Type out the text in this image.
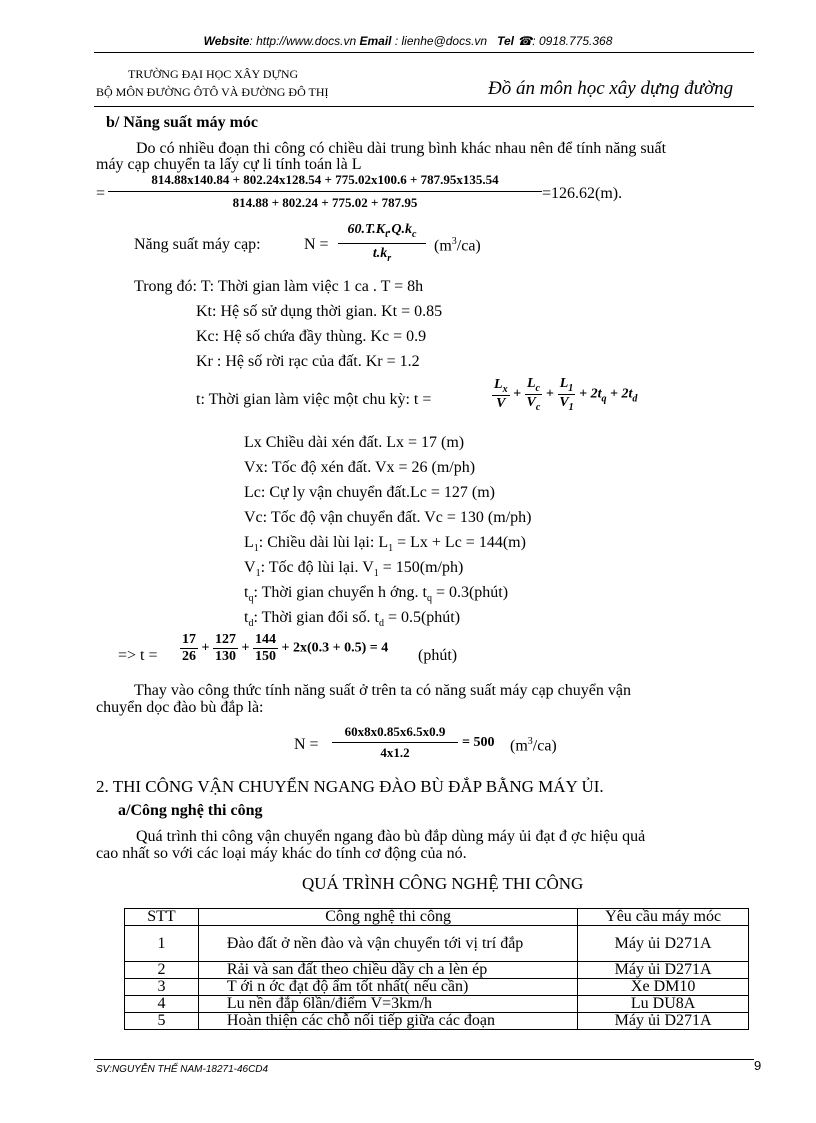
Website: http://www.docs.vn Email : lienhe@docs.vn Tel ☎: 0918.775.368
TRƯỜNG ĐẠI HỌC XÂY DỰNG
BỘ MÔN ĐƯỜNG ÔTÔ VÀ ĐƯỜNG ĐÔ THỊ	Đồ án môn học xây dựng đường
b/ Năng suất máy móc
Do có nhiều đoạn thi công có chiều dài trung bình khác nhau nên để tính năng suất
máy cạp chuyển ta lấy cự li tính toán là L
=
814.88x140.84 + 802.24x128.54 + 775.02x100.6 + 787.95x135.54
814.88 + 802.24 + 775.02 + 787.95
=126.62(m).
Năng suất máy cạp:	N =
$60.T.K_t.Q.k_c$
$t.k_r$
$(m^3/ca)$
Trong đó: T: Thời gian làm việc 1 ca . T = 8h
Kt: Hệ số sử dụng thời gian. Kt = 0.85
Kc: Hệ số chứa đầy thùng. Kc = 0.9
Kr : Hệ số rời rạc của đất. Kr = 1.2
t: Thời gian làm việc một chu kỳ: t =	$\frac{L_x}{V} + \frac{L_c}{V_c} + \frac{L_1}{V_1} + 2t_q + 2t_d$
Lx Chiều dài xén đất. Lx = 17 (m)
Vx: Tốc độ xén đất. Vx = 26 (m/ph)
Lc: Cự ly vận chuyển đất.Lc = 127 (m)
Vc: Tốc độ vận chuyển đất. Vc = 130 (m/ph)
$L_1$: Chiều dài lùi lại: $L_1 = Lx + Lc = 144(m)$
$V_1$: Tốc độ lùi lại. $V_1 = 150(m/ph)$
$t_q$: Thời gian chuyển h ớng. $t_q$ = 0.3(phút)
$t_d$: Thời gian đổi số. $t_d$ = 0.5(phút)
=> $t = \frac{17}{26} + \frac{127}{130} + \frac{144}{150} + 2x(0.3 + 0.5) = 4$ (phút)
Thay vào công thức tính năng suất ở trên ta có năng suất máy cạp chuyển vận
chuyển dọc đào bù đắp là:
N =
60x8x0.85x6.5x0.9
4x1.2
= 500 $(m^3/ca)$
2. THI CÔNG VẬN CHUYỂN NGANG ĐÀO BÙ ĐẮP BẰNG MÁY ỦI.
a/Công nghệ thi công
Quá trình thi công vận chuyển ngang đào bù đắp dùng máy ủi đạt đ ợc hiệu quả
cao nhất so với các loại máy khác do tính cơ động của nó.
QUÁ TRÌNH CÔNG NGHỆ THI CÔNG
STT	Công nghệ thi công	Yêu cầu máy móc
1	Đào đất ở nền đào và vận chuyển tới vị trí đắp	Máy ủi D271A
2	Rải và san đất theo chiều dầy ch a lèn ép	Máy ủi D271A
3	T ới n ớc đạt độ ẩm tốt nhất( nếu cần)	Xe DM10
4	Lu nền đắp 6lần/điểm V=3km/h	Lu DU8A
5	Hoàn thiện các chỗ nối tiếp giữa các đoạn	Máy ủi D271A
SV:NGUYỄN THẾ NAM-18271-46CD4	9
